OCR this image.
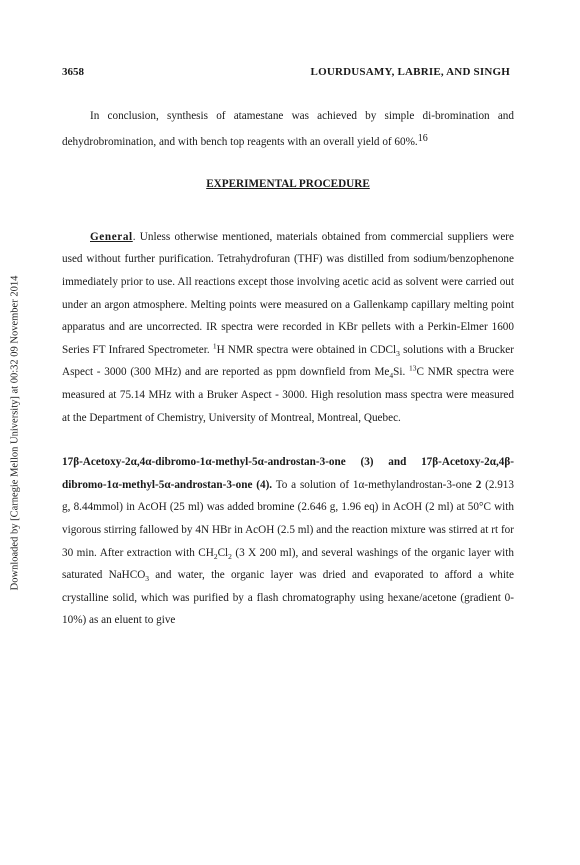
Downloaded by [Carnegie Mellon University] at 00:32 09 November 2014
3658	LOURDUSAMY, LABRIE, AND SINGH

In conclusion, synthesis of atamestane was achieved by simple di-bromination and dehydrobromination, and with bench top reagents with an overall yield of 60%.16

EXPERIMENTAL PROCEDURE

General. Unless otherwise mentioned, materials obtained from commercial suppliers were used without further purification. Tetrahydrofuran (THF) was distilled from sodium/benzophenone immediately prior to use. All reactions except those involving acetic acid as solvent were carried out under an argon atmosphere. Melting points were measured on a Gallenkamp capillary melting point apparatus and are uncorrected. IR spectra were recorded in KBr pellets with a Perkin-Elmer 1600 Series FT Infrared Spectrometer. $^1$H NMR spectra were obtained in CDCl$_3$ solutions with a Brucker Aspect - 3000 (300 MHz) and are reported as ppm downfield from $Me_4Si$. $^{13}$C NMR spectra were measured at 75.14 MHz with a Bruker Aspect - 3000. High resolution mass spectra were measured at the Department of Chemistry, University of Montreal, Montreal, Quebec.

17β-Acetoxy-2α,4α-dibromo-1α-methyl-5α-androstan-3-one (3) and 17β-Acetoxy-2α,4β-dibromo-1α-methyl-5α-androstan-3-one (4). To a solution of 1α-methylandrostan-3-one 2 (2.913 g, 8.44mmol) in AcOH (25 ml) was added bromine (2.646 g, 1.96 eq) in AcOH (2 ml) at 50°C with vigorous stirring fallowed by 4N HBr in AcOH (2.5 ml) and the reaction mixture was stirred at rt for 30 min. After extraction with $CH_2Cl_2$ (3 X 200 ml), and several washings of the organic layer with saturated NaHCO$_3$ and water, the organic layer was dried and evaporated to afford a white crystalline solid, which was purified by a flash chromatography using hexane/acetone (gradient 0-10%) as an eluent to give
